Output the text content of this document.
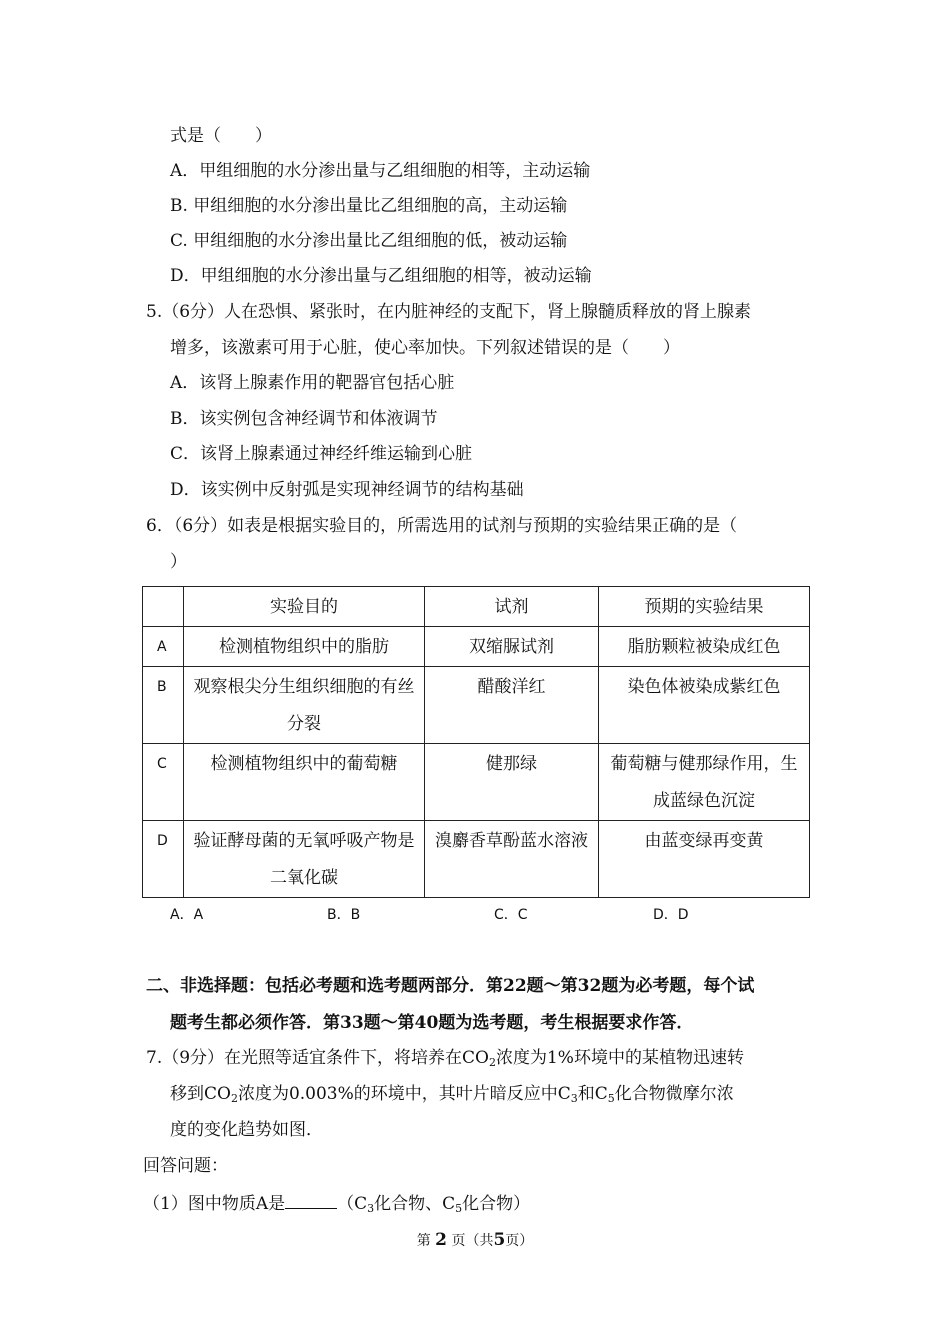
式是（　　）
A．甲组细胞的水分渗出量与乙组细胞的相等，主动运输
B. 甲组细胞的水分渗出量比乙组细胞的高，主动运输
C. 甲组细胞的水分渗出量比乙组细胞的低，被动运输
D．甲组细胞的水分渗出量与乙组细胞的相等，被动运输
5.（6分）人在恐惧、紧张时，在内脏神经的支配下，肾上腺髓质释放的肾上腺素
增多，该激素可用于心脏，使心率加快。下列叙述错误的是（　　）
A．该肾上腺素作用的靶器官包括心脏
B．该实例包含神经调节和体液调节
C．该肾上腺素通过神经纤维运输到心脏
D．该实例中反射弧是实现神经调节的结构基础
6．（6分）如表是根据实验目的，所需选用的试剂与预期的实验结果正确的是（
）
	实验目的	试剂	预期的实验结果
A	检测植物组织中的脂肪	双缩脲试剂	脂肪颗粒被染成红色
B	观察根尖分生组织细胞的有丝分裂	醋酸洋红	染色体被染成紫红色
C	检测植物组织中的葡萄糖	健那绿	葡萄糖与健那绿作用，生成蓝绿色沉淀
D	验证酵母菌的无氧呼吸产物是二氧化碳	溴麝香草酚蓝水溶液	由蓝变绿再变黄
A．A	B．B	C．C	D．D
二、非选择题：包括必考题和选考题两部分．第22题～第32题为必考题，每个试
题考生都必须作答．第33题～第40题为选考题，考生根据要求作答．
7.（9分）在光照等适宜条件下，将培养在$CO_2$浓度为1%环境中的某植物迅速转
移到$CO_2$浓度为0.003%的环境中，其叶片暗反应中$C_3$和$C_5$化合物微摩尔浓
度的变化趋势如图．
回答问题：
（1）图中物质A是	（$C_3$化合物、$C_5$化合物）
第 2 页（共5页）
